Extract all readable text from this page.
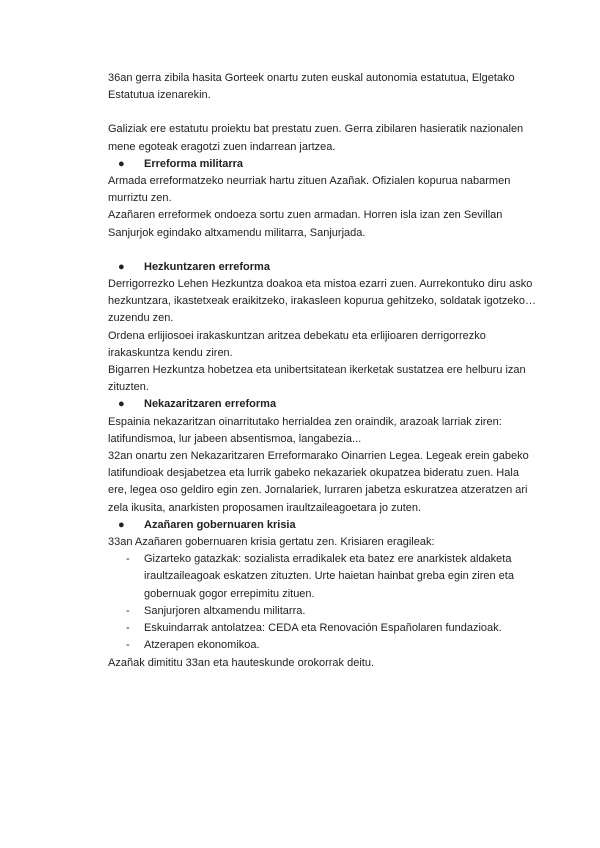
36an gerra zibila hasita Gorteek onartu zuten euskal autonomia estatutua, Elgetako Estatutua izenarekin.

Galiziak ere estatutu proiektu bat prestatu zuen. Gerra zibilaren hasieratik nazionalen mene egoteak eragotzi zuen indarrean jartzea.

● Erreforma militarra

Armada erreformatzeko neurriak hartu zituen Azañak. Ofizialen kopurua nabarmen murriztu zen.

Azañaren erreformek ondoeza sortu zuen armadan. Horren isla izan zen Sevillan Sanjurjok egindako altxamendu militarra, Sanjurjada.

● Hezkuntzaren erreforma

Derrigorrezko Lehen Hezkuntza doakoa eta mistoa ezarri zuen. Aurrekontuko diru asko hezkuntzara, ikastetxeak eraikitzeko, irakasleen kopurua gehitzeko, soldatak igotzeko… zuzendu zen.

Ordena erlijiosoei irakaskuntzan aritzea debekatu eta erlijioaren derrigorrezko irakaskuntza kendu ziren.

Bigarren Hezkuntza hobetzea eta unibertsitatean ikerketak sustatzea ere helburu izan zituzten.

● Nekazaritzaren erreforma

Espainia nekazaritzan oinarritutako herrialdea zen oraindik, arazoak larriak ziren: latifundismoa, lur jabeen absentismoa, langabezia...

32an onartu zen Nekazaritzaren Erreformarako Oinarrien Legea. Legeak erein gabeko latifundioak desjabetzea eta lurrik gabeko nekazariek okupatzea bideratu zuen. Hala ere, legea oso geldiro egin zen. Jornalariek, lurraren jabetza eskuratzea atzeratzen ari zela ikusita, anarkisten proposamen iraultzaileagoetara jo zuten.

● Azañaren gobernuaren krisia

33an Azañaren gobernuaren krisia gertatu zen. Krisiaren eragileak:

- Gizarteko gatazkak: sozialista erradikalek eta batez ere anarkistek aldaketa iraultzaileagoak eskatzen zituzten. Urte haietan hainbat greba egin ziren eta gobernuak gogor errepimitu zituen.
- Sanjurjoren altxamendu militarra.
- Eskuindarrak antolatzea: CEDA eta Renovación Españolaren fundazioak.
- Atzerapen ekonomikoa.

Azañak dimititu 33an eta hauteskunde orokorrak deitu.
